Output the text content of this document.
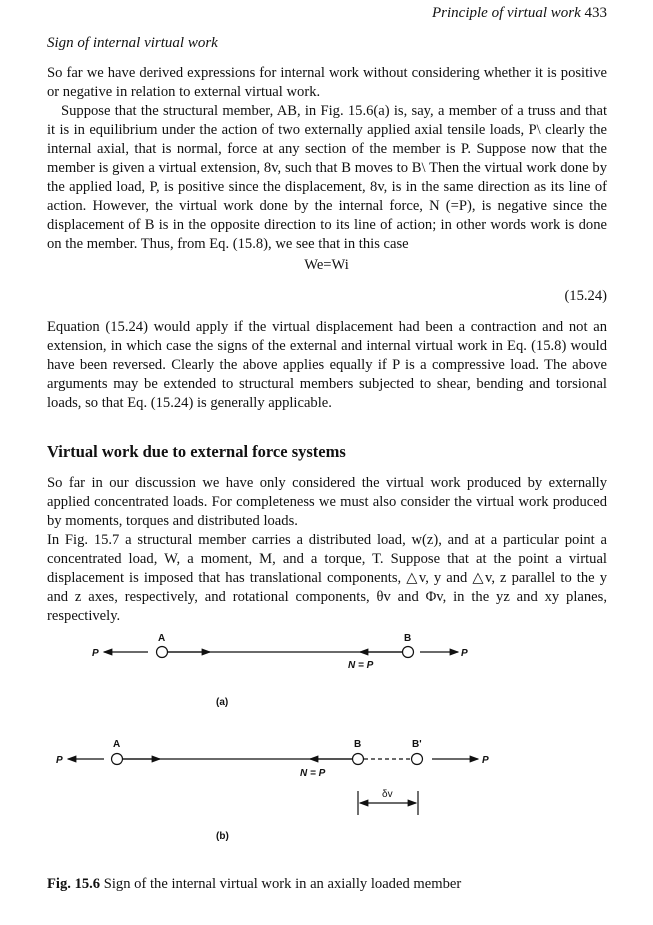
Principle of virtual work 433
Sign of internal virtual work

So far we have derived expressions for internal work without considering whether it is positive or negative in relation to external virtual work.

Suppose that the structural member, AB, in Fig. 15.6(a) is, say, a member of a truss and that it is in equilibrium under the action of two externally applied axial tensile loads, P\ clearly the internal axial, that is normal, force at any section of the member is P. Suppose now that the member is given a virtual extension, 8v, such that B moves to B\ Then the virtual work done by the applied load, P, is positive since the displacement, 8v, is in the same direction as its line of action. However, the virtual work done by the internal force, N (=P), is negative since the displacement of B is in the opposite direction to its line of action; in other words work is done on the member. Thus, from Eq. (15.8), we see that in this case

We=Wi
(15.24)
Equation (15.24) would apply if the virtual displacement had been a contraction and not an extension, in which case the signs of the external and internal virtual work in Eq. (15.8) would have been reversed. Clearly the above applies equally if P is a compressive load. The above arguments may be extended to structural members subjected to shear, bending and torsional loads, so that Eq. (15.24) is generally applicable.
Virtual work due to external force systems

So far in our discussion we have only considered the virtual work produced by externally applied concentrated loads. For completeness we must also consider the virtual work produced by moments, torques and distributed loads.

In Fig. 15.7 a structural member carries a distributed load, w(z), and at a particular point a concentrated load, W, a moment, M, and a torque, T. Suppose that at the point a virtual displacement is imposed that has translational components, △v, y and △v, z parallel to the y and z axes, respectively, and rotational components, θv and Φv, in the yz and xy planes, respectively.

A	B
P	P
N = P
(a)
A	B	B'
P	P
N = P
δv
(b)
Fig. 15.6 Sign of the internal virtual work in an axially loaded member
